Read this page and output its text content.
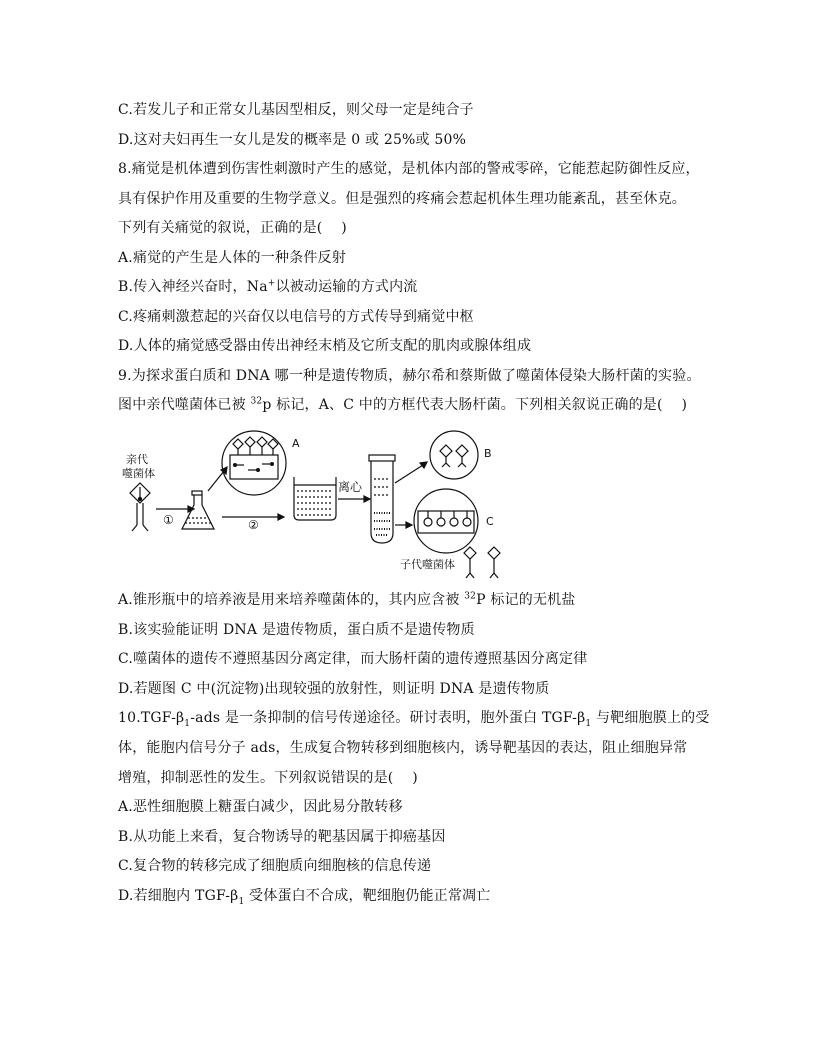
C.若发儿子和正常女儿基因型相反，则父母一定是纯合子
D.这对夫妇再生一女儿是发的概率是 0 或 25%或 50%
8.痛觉是机体遭到伤害性刺激时产生的感觉，是机体内部的警戒零碎，它能惹起防御性反应，
具有保护作用及重要的生物学意义。但是强烈的疼痛会惹起机体生理功能紊乱，甚至休克。
下列有关痛觉的叙说，正确的是(　 )
A.痛觉的产生是人体的一种条件反射
B.传入神经兴奋时，Na+以被动运输的方式内流
C.疼痛刺激惹起的兴奋仅以电信号的方式传导到痛觉中枢
D.人体的痛觉感受器由传出神经末梢及它所支配的肌肉或腺体组成
9.为探求蛋白质和 DNA 哪一种是遗传物质，赫尔希和蔡斯做了噬菌体侵染大肠杆菌的实验。
图中亲代噬菌体已被 $^{32}$p 标记，A、C 中的方框代表大肠杆菌。下列相关叙说正确的是(　 )
亲代
噬菌体
①
A
②
离心
B
C
子代噬菌体
A.锥形瓶中的培养液是用来培养噬菌体的，其内应含被 $^{32}$P 标记的无机盐
B.该实验能证明 DNA 是遗传物质，蛋白质不是遗传物质
C.噬菌体的遗传不遵照基因分离定律，而大肠杆菌的遗传遵照基因分离定律
D.若题图 C 中(沉淀物)出现较强的放射性，则证明 DNA 是遗传物质
$10.TGF-\beta_1$-ads 是一条抑制的信号传递途径。研讨表明，胞外蛋白 TGF-$\beta_1$ 与靶细胞膜上的受
体，能胞内信号分子 ads，生成复合物转移到细胞核内，诱导靶基因的表达，阻止细胞异常
增殖，抑制恶性的发生。下列叙说错误的是(　 )
A.恶性细胞膜上糖蛋白减少，因此易分散转移
B.从功能上来看，复合物诱导的靶基因属于抑癌基因
C.复合物的转移完成了细胞质向细胞核的信息传递
D.若细胞内 TGF-$\beta_1$ 受体蛋白不合成，靶细胞仍能正常凋亡
